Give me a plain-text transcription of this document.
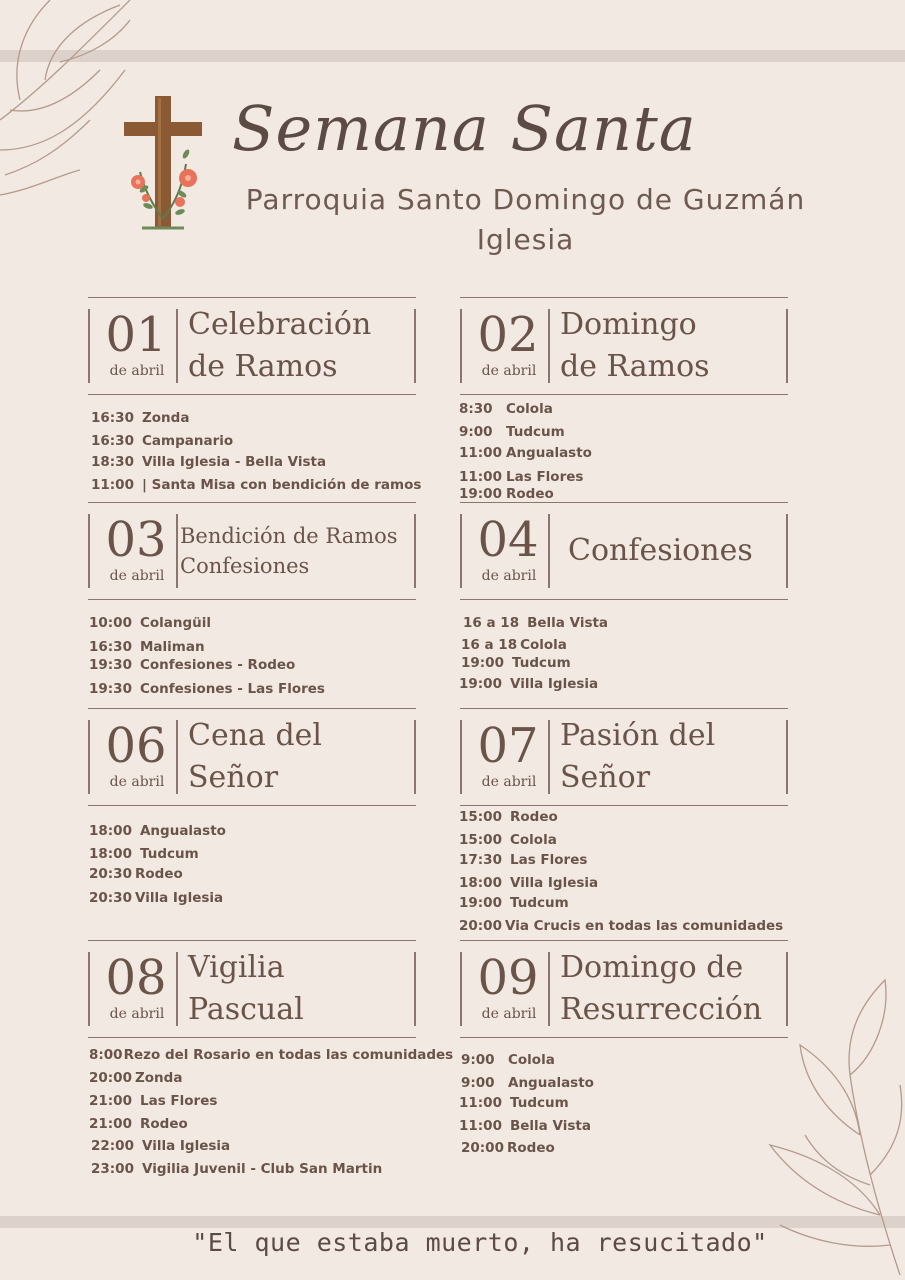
Semana Santa
Parroquia Santo Domingo de Guzmán
Iglesia
01
de abril
Celebración
de Ramos
02
de abril
Domingo
de Ramos
03
de abril
Bendición de Ramos
Confesiones	04
de abril
Confesiones
06
de abril
Cena del
Señor
07
de abril
Pasión del
Señor
08
de abril
Vigilia
Pascual
09
de abril
Domingo de
Resurrección
16:30 Zonda
16:30 Campanario
18:30 Villa Iglesia - Bella Vista
11:00 | Santa Misa con bendición de ramos
8:30 Colola
9:00 Tudcum
11:00 Angualasto
11:00 Las Flores
19:00 Rodeo
10:00 Colangüil
16:30 Maliman
19:30 Confesiones - Rodeo
19:30 Confesiones - Las Flores
16 a 18 Bella Vista
16 a 18 Colola
19:00 Tudcum
19:00 Villa Iglesia
18:00 Angualasto
18:00 Tudcum
20:30 Rodeo
20:30 Villa Iglesia
15:00 Rodeo
15:00 Colola
17:30 Las Flores
18:00 Villa Iglesia
19:00 Tudcum
20:00 Via Crucis en todas las comunidades
8:00Rezo del Rosario en todas las comunidades
20:00 Zonda
21:00 Las Flores
21:00 Rodeo
22:00 Villa Iglesia
23:00 Vigilia Juvenil - Club San Martin
9:00 Colola
9:00 Angualasto
11:00 Tudcum
11:00 Bella Vista
20:00 Rodeo

"El que estaba muerto, ha resucitado"
